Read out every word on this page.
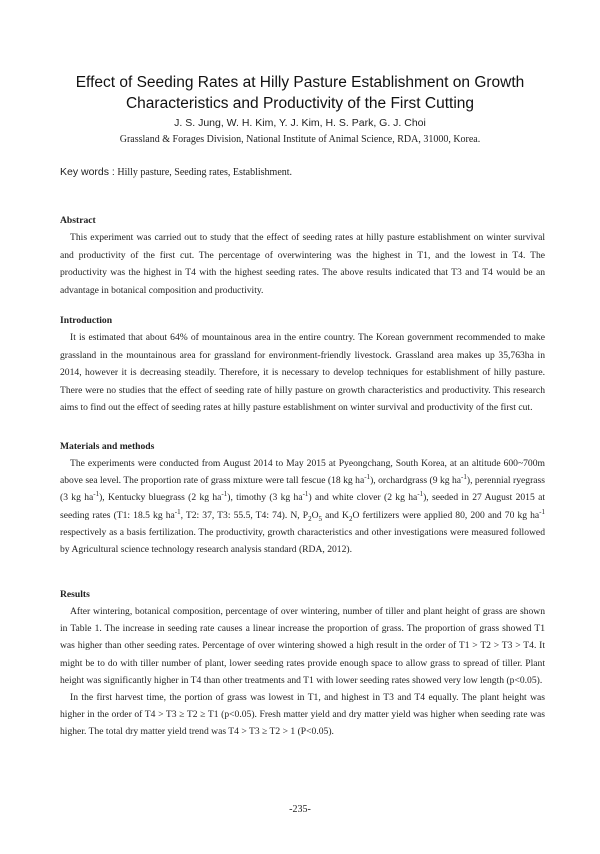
Effect of Seeding Rates at Hilly Pasture Establishment on Growth
Characteristics and Productivity of the First Cutting
J. S. Jung, W. H. Kim, Y. J. Kim, H. S. Park, G. J. Choi
Grassland & Forages Division, National Institute of Animal Science, RDA, 31000, Korea.
Key words : Hilly pasture, Seeding rates, Establishment.
Abstract

This experiment was carried out to study that the effect of seeding rates at hilly pasture establishment on winter survival and productivity of the first cut. The percentage of overwintering was the highest in T1, and the lowest in T4. The productivity was the highest in T4 with the highest seeding rates. The above results indicated that T3 and T4 would be an advantage in botanical composition and productivity.

Introduction

It is estimated that about 64% of mountainous area in the entire country. The Korean government recommended to make grassland in the mountainous area for grassland for environment-friendly livestock. Grassland area makes up 35,763ha in 2014, however it is decreasing steadily. Therefore, it is necessary to develop techniques for establishment of hilly pasture. There were no studies that the effect of seeding rate of hilly pasture on growth characteristics and productivity. This research aims to find out the effect of seeding rates at hilly pasture establishment on winter survival and productivity of the first cut.

Materials and methods

The experiments were conducted from August 2014 to May 2015 at Pyeongchang, South Korea, at an altitude 600~700m above sea level. The proportion rate of grass mixture were tall fescue (18 kg $ha^{-1}$), orchardgrass (9 kg $ha^{-1}$), perennial ryegrass (3 kg $ha^{-1}$), Kentucky bluegrass (2 kg $ha^{-1}$), timothy (3 kg $ha^{-1}$) and white clover (2 kg $ha^{-1}$), seeded in 27 August 2015 at seeding rates (T1: 18.5 kg $ha^{-1}$, T2: 37, T3: 55.5, T4: 74). N, $P_2O_5$ and $K_2O$ fertilizers were applied 80, 200 and 70 kg $ha^{-1}$ respectively as a basis fertilization. The productivity, growth characteristics and other investigations were measured followed by Agricultural science technology research analysis standard (RDA, 2012).

Results

After wintering, botanical composition, percentage of over wintering, number of tiller and plant height of grass are shown in Table 1. The increase in seeding rate causes a linear increase the proportion of grass. The proportion of grass showed T1 was higher than other seeding rates. Percentage of over wintering showed a high result in the order of T1 > T2 > T3 > T4. It might be to do with tiller number of plant, lower seeding rates provide enough space to allow grass to spread of tiller. Plant height was significantly higher in T4 than other treatments and T1 with lower seeding rates showed very low length (p<0.05).

In the first harvest time, the portion of grass was lowest in T1, and highest in T3 and T4 equally. The plant height was higher in the order of T4 > T3 ≥ T2 ≥ T1 (p<0.05). Fresh matter yield and dry matter yield was higher when seeding rate was higher. The total dry matter yield trend was T4 > T3 ≥ T2 > 1 (P<0.05).

-235-
